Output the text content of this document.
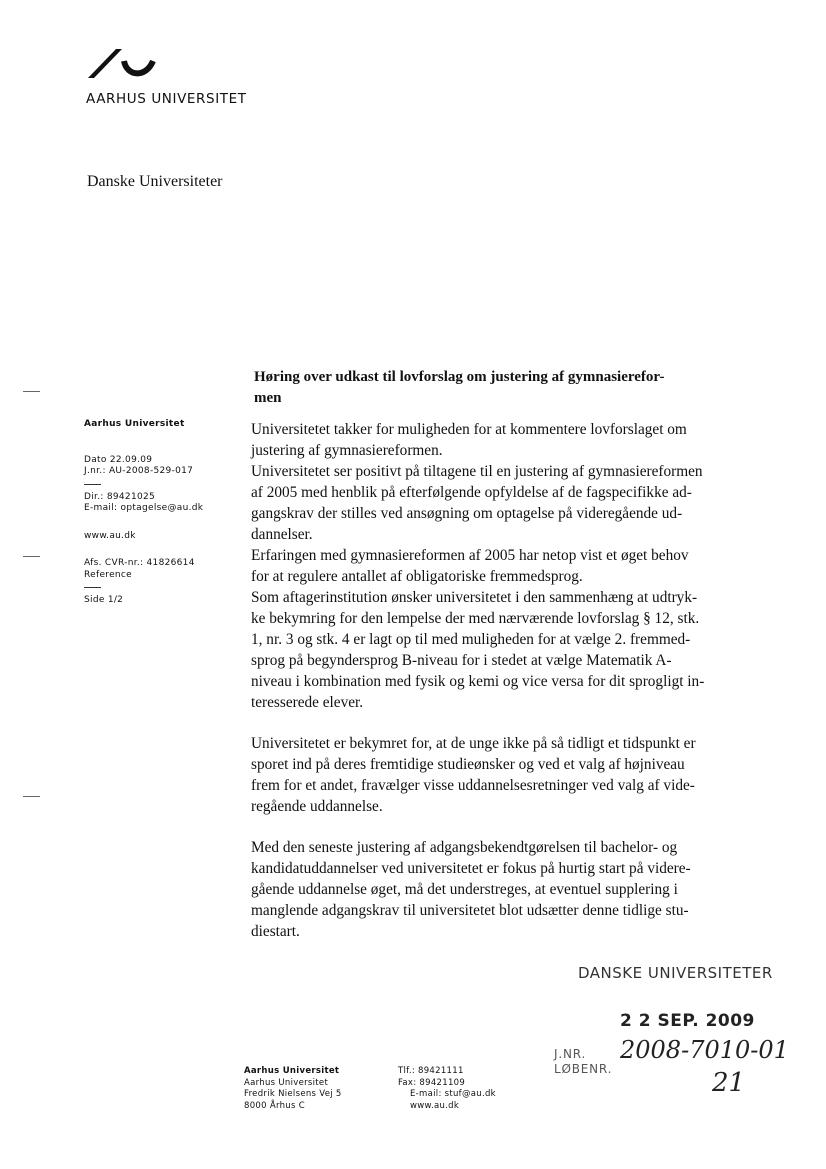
AARHUS UNIVERSITET
Danske Universiteter
Høring over udkast til lovforslag om justering af gymnasierefor-
men
Aarhus Universitet
Dato 22.09.09
J.nr.: AU-2008-529-017
Dir.: 89421025
E-mail: optagelse@au.dk
www.au.dk
Afs. CVR-nr.: 41826614
Reference
Side 1/2

Universitetet takker for muligheden for at kommentere lovforslaget om
justering af gymnasiereformen.
Universitetet ser positivt på tiltagene til en justering af gymnasiereformen
af 2005 med henblik på efterfølgende opfyldelse af de fagspecifikke ad-
gangskrav der stilles ved ansøgning om optagelse på videregående ud-
dannelser.
Erfaringen med gymnasiereformen af 2005 har netop vist et øget behov
for at regulere antallet af obligatoriske fremmedsprog.
Som aftagerinstitution ønsker universitetet i den sammenhæng at udtryk-
ke bekymring for den lempelse der med nærværende lovforslag § 12, stk.
1, nr. 3 og stk. 4 er lagt op til med muligheden for at vælge 2. fremmed-
sprog på begyndersprog B-niveau for i stedet at vælge Matematik A-
niveau i kombination med fysik og kemi og vice versa for dit sprogligt in-
teresserede elever.

Universitetet er bekymret for, at de unge ikke på så tidligt et tidspunkt er
sporet ind på deres fremtidige studieønsker og ved et valg af højniveau
frem for et andet, fravælger visse uddannelsesretninger ved valg af vide-
regående uddannelse.

Med den seneste justering af adgangsbekendtgørelsen til bachelor- og
kandidatuddannelser ved universitetet er fokus på hurtig start på videre-
gående uddannelse øget, må det understreges, at eventuel supplering i
manglende adgangskrav til universitetet blot udsætter denne tidlige stu-
diestart.

DANSKE UNIVERSITETER
2 2 SEP. 2009
J.NR. 2008-7010-01
LØBENR.	21
Aarhus Universitet
Aarhus Universitet
Fredrik Nielsens Vej 5
8000 Århus C
Tlf.: 89421111
Fax: 89421109
E-mail: stuf@au.dk
www.au.dk
